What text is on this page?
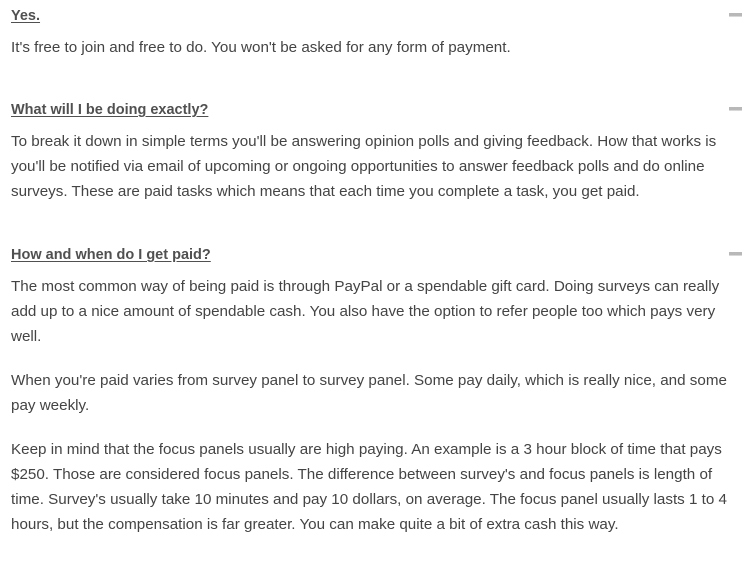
Yes.

It's free to join and free to do. You won't be asked for any form of payment.

What will I be doing exactly?

To break it down in simple terms you'll be answering opinion polls and giving feedback. How that works is you'll be notified via email of upcoming or ongoing opportunities to answer feedback polls and do online surveys. These are paid tasks which means that each time you complete a task, you get paid.

How and when do I get paid?

The most common way of being paid is through PayPal or a spendable gift card. Doing surveys can really add up to a nice amount of spendable cash. You also have the option to refer people too which pays very well.

When you're paid varies from survey panel to survey panel. Some pay daily, which is really nice, and some pay weekly.

Keep in mind that the focus panels usually are high paying. An example is a 3 hour block of time that pays $250. Those are considered focus panels. The difference between survey's and focus panels is length of time. Survey's usually take 10 minutes and pay 10 dollars, on average. The focus panel usually lasts 1 to 4 hours, but the compensation is far greater. You can make quite a bit of extra cash this way.
